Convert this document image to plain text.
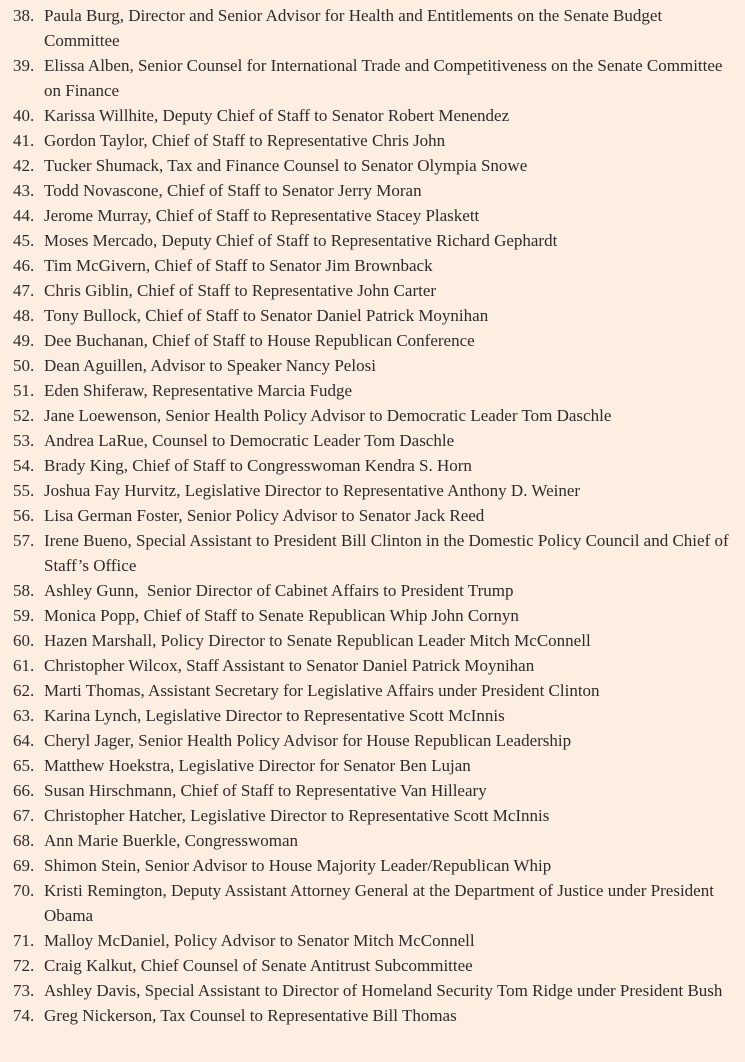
38. Paula Burg, Director and Senior Advisor for Health and Entitlements on the Senate Budget Committee
39. Elissa Alben, Senior Counsel for International Trade and Competitiveness on the Senate Committee on Finance
40. Karissa Willhite, Deputy Chief of Staff to Senator Robert Menendez
41. Gordon Taylor, Chief of Staff to Representative Chris John
42. Tucker Shumack, Tax and Finance Counsel to Senator Olympia Snowe
43. Todd Novascone, Chief of Staff to Senator Jerry Moran
44. Jerome Murray, Chief of Staff to Representative Stacey Plaskett
45. Moses Mercado, Deputy Chief of Staff to Representative Richard Gephardt
46. Tim McGivern, Chief of Staff to Senator Jim Brownback
47. Chris Giblin, Chief of Staff to Representative John Carter
48. Tony Bullock, Chief of Staff to Senator Daniel Patrick Moynihan
49. Dee Buchanan, Chief of Staff to House Republican Conference
50. Dean Aguillen, Advisor to Speaker Nancy Pelosi
51. Eden Shiferaw, Representative Marcia Fudge
52. Jane Loewenson, Senior Health Policy Advisor to Democratic Leader Tom Daschle
53. Andrea LaRue, Counsel to Democratic Leader Tom Daschle
54. Brady King, Chief of Staff to Congresswoman Kendra S. Horn
55. Joshua Fay Hurvitz, Legislative Director to Representative Anthony D. Weiner
56. Lisa German Foster, Senior Policy Advisor to Senator Jack Reed
57. Irene Bueno, Special Assistant to President Bill Clinton in the Domestic Policy Council and Chief of Staff’s Office
58. Ashley Gunn,  Senior Director of Cabinet Affairs to President Trump
59. Monica Popp, Chief of Staff to Senate Republican Whip John Cornyn
60. Hazen Marshall, Policy Director to Senate Republican Leader Mitch McConnell
61. Christopher Wilcox, Staff Assistant to Senator Daniel Patrick Moynihan
62. Marti Thomas, Assistant Secretary for Legislative Affairs under President Clinton
63. Karina Lynch, Legislative Director to Representative Scott McInnis
64. Cheryl Jager, Senior Health Policy Advisor for House Republican Leadership
65. Matthew Hoekstra, Legislative Director for Senator Ben Lujan
66. Susan Hirschmann, Chief of Staff to Representative Van Hilleary
67. Christopher Hatcher, Legislative Director to Representative Scott McInnis
68. Ann Marie Buerkle, Congresswoman
69. Shimon Stein, Senior Advisor to House Majority Leader/Republican Whip
70. Kristi Remington, Deputy Assistant Attorney General at the Department of Justice under President Obama
71. Malloy McDaniel, Policy Advisor to Senator Mitch McConnell
72. Craig Kalkut, Chief Counsel of Senate Antitrust Subcommittee
73. Ashley Davis, Special Assistant to Director of Homeland Security Tom Ridge under President Bush
74. Greg Nickerson, Tax Counsel to Representative Bill Thomas
